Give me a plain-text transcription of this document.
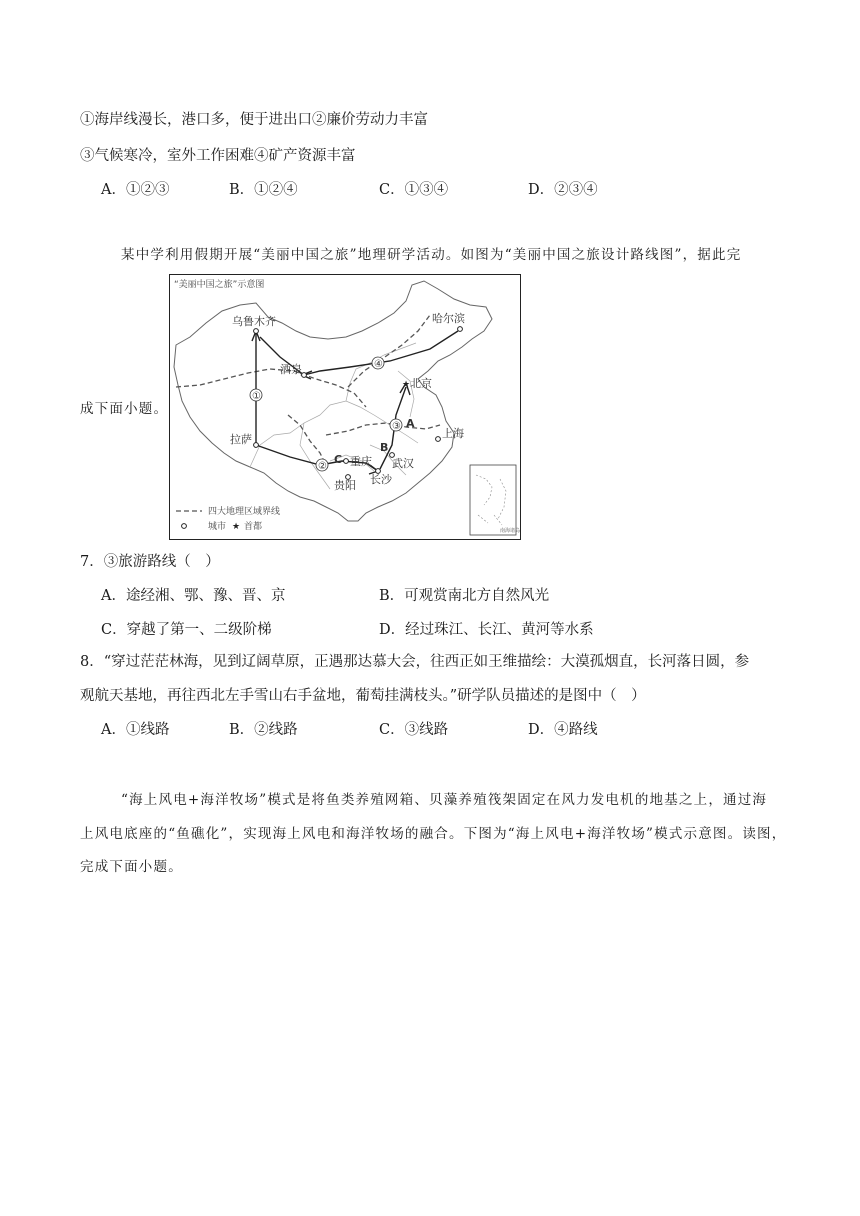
①海岸线漫长，港口多，便于进出口②廉价劳动力丰富
③气候寒冷，室外工作困难④矿产资源丰富
A．①②③	B．①②④	C．①③④	D．②③④
某中学利用假期开展“美丽中国之旅”地理研学活动。如图为“美丽中国之旅设计路线图”，据此完
成下面小题。
①
②
③
④
乌鲁木齐	哈尔滨
酒泉
★ 北京
拉萨	上海
重庆 武汉
贵阳 长沙
A
B
C
“美丽中国之旅”示意图
四大地理区域界线
城市 ★ 首都	南海诸岛
7．③旅游路线（　）
A．途经湘、鄂、豫、晋、京	B．可观赏南北方自然风光
C．穿越了第一、二级阶梯	D．经过珠江、长江、黄河等水系
8．“穿过茫茫林海，见到辽阔草原，正遇那达慕大会，往西正如王维描绘：大漠孤烟直，长河落日圆，参
观航天基地，再往西北左手雪山右手盆地，葡萄挂满枝头。”研学队员描述的是图中（　）
A．①线路	B．②线路	C．③线路	D．④路线
“海上风电+海洋牧场”模式是将鱼类养殖网箱、贝藻养殖筏架固定在风力发电机的地基之上，通过海
上风电底座的“鱼礁化”，实现海上风电和海洋牧场的融合。下图为“海上风电+海洋牧场”模式示意图。读图，
完成下面小题。
